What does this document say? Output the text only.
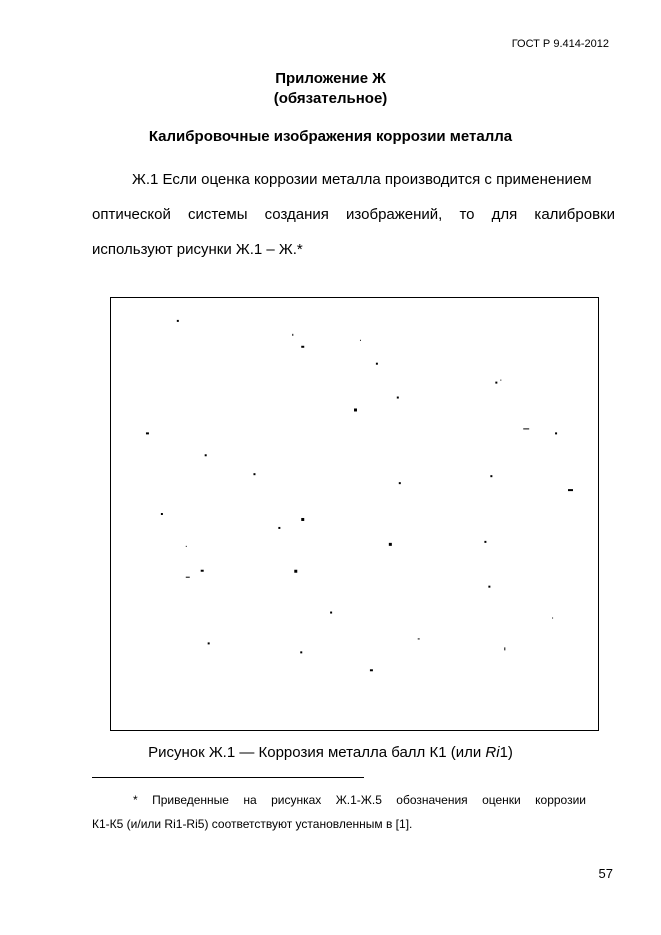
ГОСТ Р 9.414-2012
Приложение Ж
(обязательное)
Калибровочные изображения коррозии металла
Ж.1 Если оценка коррозии металла производится с применением
оптической системы создания изображений, то для калибровки
используют рисунки Ж.1 – Ж.*
Рисунок Ж.1 — Коррозия металла балл К1 (или Ri1)
* Приведенные на рисунках Ж.1-Ж.5 обозначения оценки коррозии
К1-К5 (и/или Ri1-Ri5) соответствуют установленным в [1].
57
